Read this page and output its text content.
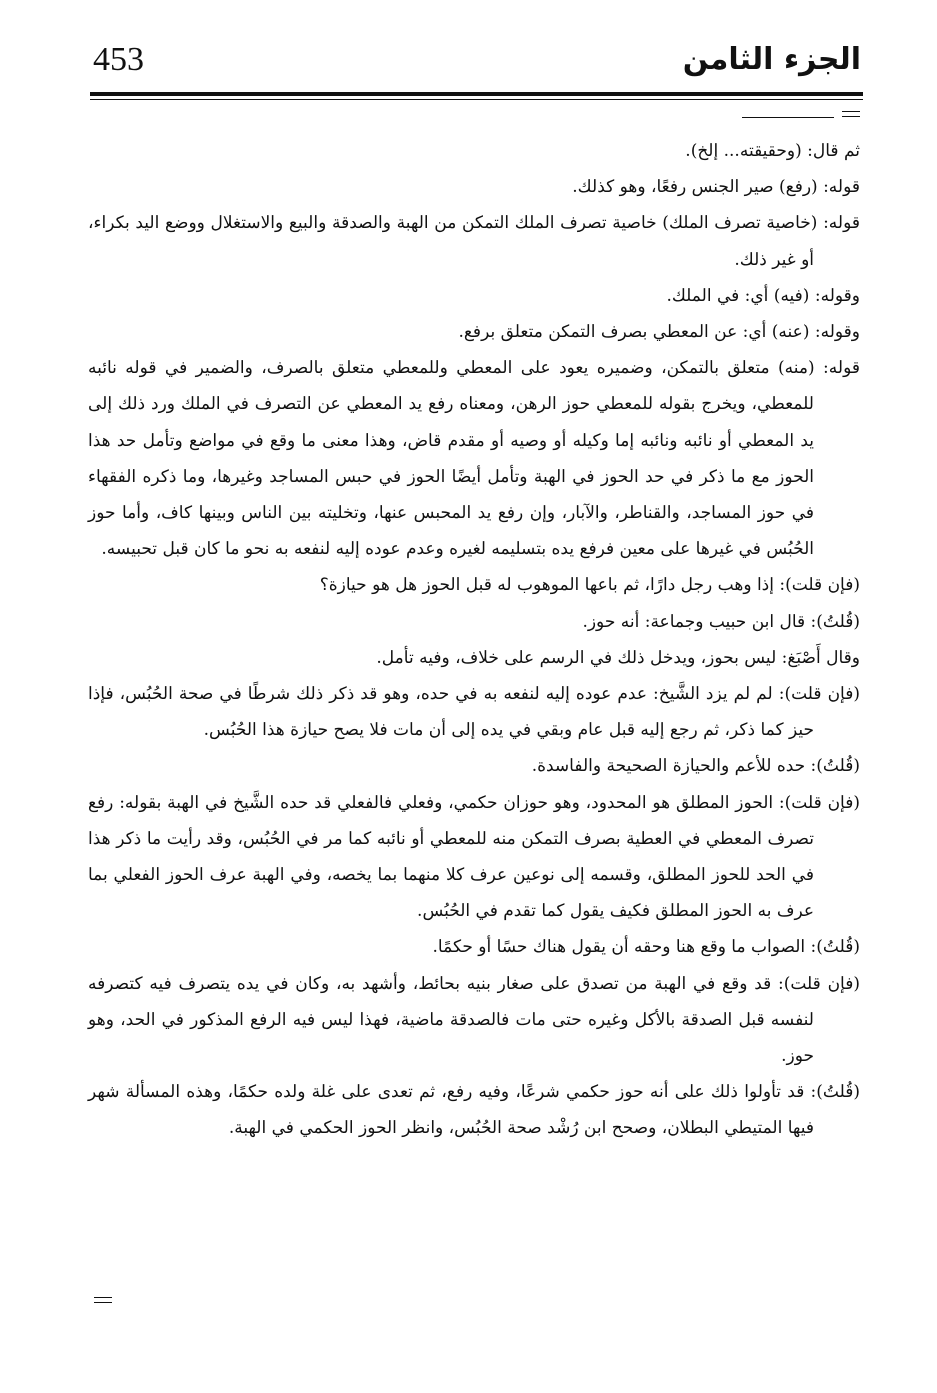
453	الجزء الثامن

ثم قال: (وحقيقته... إلخ).

قوله: (رفع) صير الجنس رفعًا، وهو كذلك.

قوله: (خاصية تصرف الملك) خاصية تصرف الملك التمكن من الهبة والصدقة والبيع والاستغلال ووضع اليد بكراء، أو غير ذلك.

وقوله: (فيه) أي: في الملك.

وقوله: (عنه) أي: عن المعطي بصرف التمكن متعلق برفع.

قوله: (منه) متعلق بالتمكن، وضميره يعود على المعطي وللمعطي متعلق بالصرف، والضمير في قوله نائبه للمعطي، ويخرج بقوله للمعطي حوز الرهن، ومعناه رفع يد المعطي عن التصرف في الملك ورد ذلك إلى يد المعطي أو نائبه ونائبه إما وكيله أو وصيه أو مقدم قاض، وهذا معنى ما وقع في مواضع وتأمل حد هذا الحوز مع ما ذكر في حد الحوز في الهبة وتأمل أيضًا الحوز في حبس المساجد وغيرها، وما ذكره الفقهاء في حوز المساجد، والقناطر، والآبار، وإن رفع يد المحبس عنها، وتخليته بين الناس وبينها كاف، وأما حوز الحُبُس في غيرها على معين فرفع يده بتسليمه لغيره وعدم عوده إليه لنفعه به نحو ما كان قبل تحبيسه.

(فإن قلت): إذا وهب رجل دارًا، ثم باعها الموهوب له قبل الحوز هل هو حيازة؟

(قُلتُ): قال ابن حبيب وجماعة: أنه حوز.

وقال أَصْبَغ: ليس بحوز، ويدخل ذلك في الرسم على خلاف، وفيه تأمل.

(فإن قلت): لم لم يزد الشَّيخ: عدم عوده إليه لنفعه به في حده، وهو قد ذكر ذلك شرطًا في صحة الحُبُس، فإذا حيز كما ذكر، ثم رجع إليه قبل عام وبقي في يده إلى أن مات فلا يصح حيازة هذا الحُبُس.

(قُلتُ): حده للأعم والحيازة الصحيحة والفاسدة.

(فإن قلت): الحوز المطلق هو المحدود، وهو حوزان حكمي، وفعلي فالفعلي قد حده الشَّيخ في الهبة بقوله: رفع تصرف المعطي في العطية بصرف التمكن منه للمعطي أو نائبه كما مر في الحُبُس، وقد رأيت ما ذكر هذا في الحد للحوز المطلق، وقسمه إلى نوعين عرف كلا منهما بما يخصه، وفي الهبة عرف الحوز الفعلي بما عرف به الحوز المطلق فكيف يقول كما تقدم في الحُبُس.

(قُلتُ): الصواب ما وقع هنا وحقه أن يقول هناك حسًا أو حكمًا.

(فإن قلت): قد وقع في الهبة من تصدق على صغار بنيه بحائط، وأشهد به، وكان في يده يتصرف فيه كتصرفه لنفسه قبل الصدقة بالأكل وغيره حتى مات فالصدقة ماضية، فهذا ليس فيه الرفع المذكور في الحد، وهو حوز.

(قُلتُ): قد تأولوا ذلك على أنه حوز حكمي شرعًا، وفيه رفع، ثم تعدى على غلة ولده حكمًا، وهذه المسألة شهر فيها المتيطي البطلان، وصحح ابن رُشْد صحة الحُبُس، وانظر الحوز الحكمي في الهبة.
